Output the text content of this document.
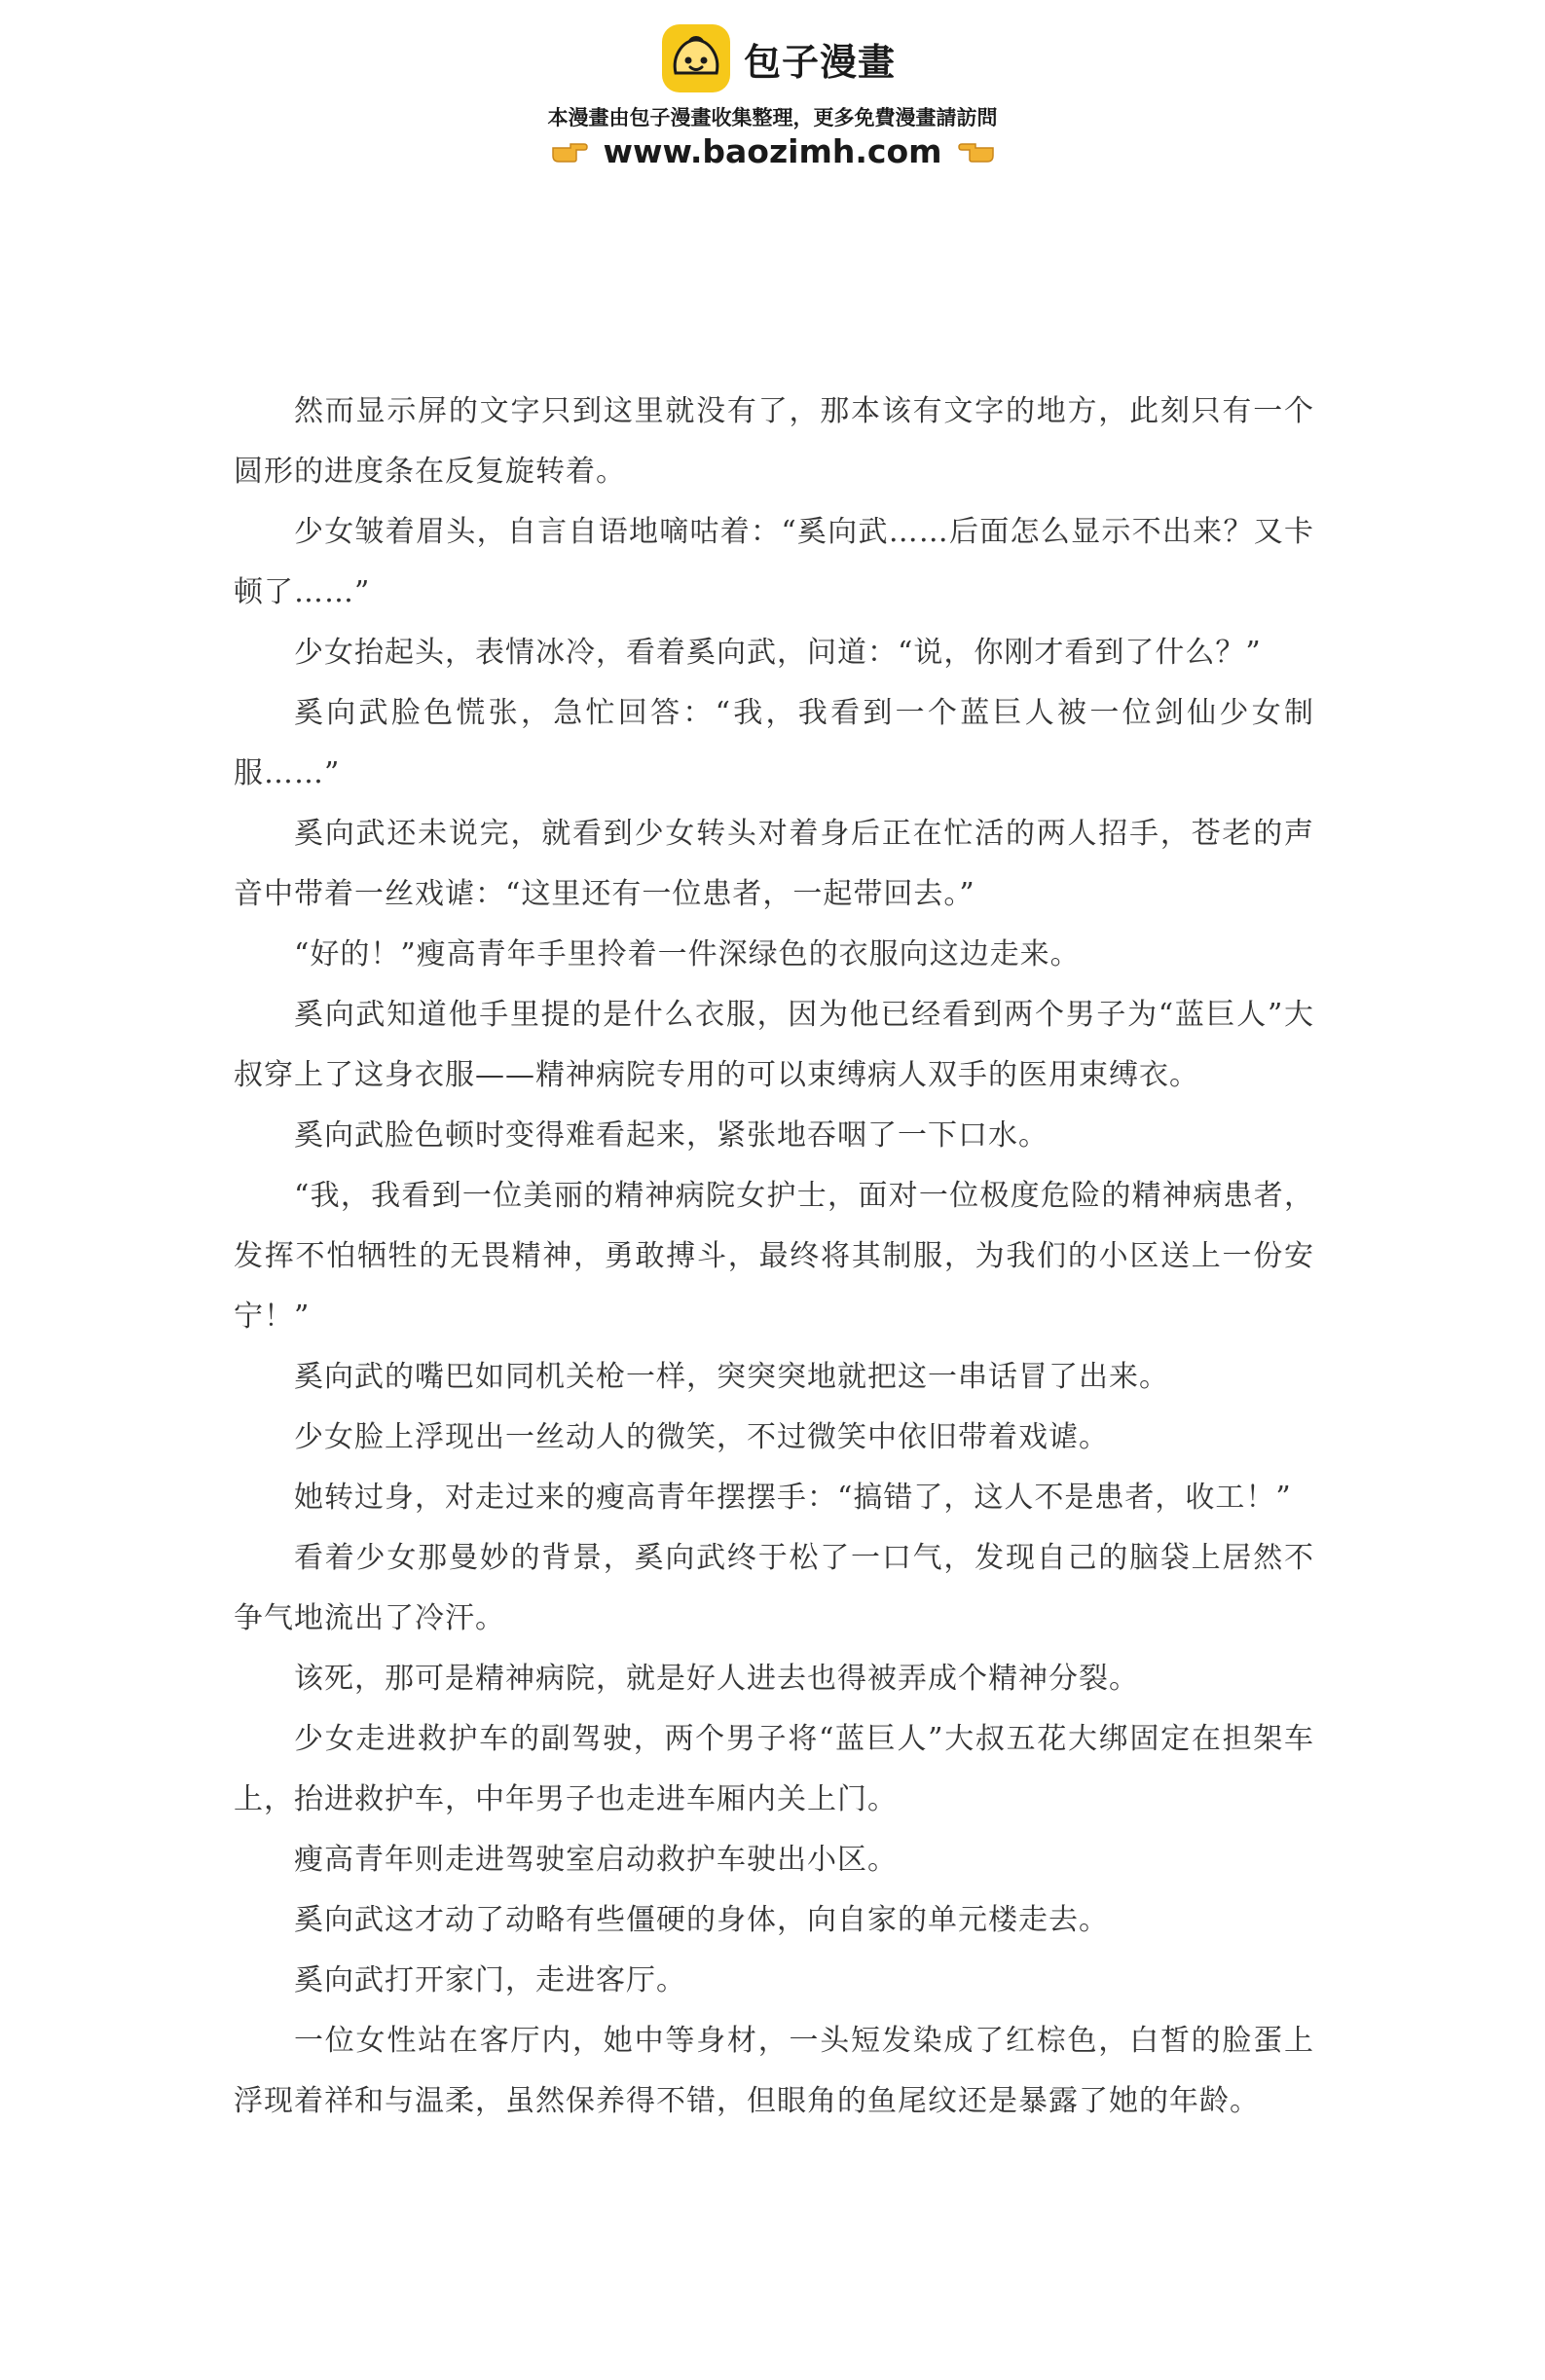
包子漫畫
本漫畫由包子漫畫收集整理，更多免費漫畫請訪問
www.baozimh.com

然而显示屏的文字只到这里就没有了，那本该有文字的地方，此刻只有一个圆形的进度条在反复旋转着。

少女皱着眉头，自言自语地嘀咕着：“奚向武……后面怎么显示不出来？又卡顿了……”

少女抬起头，表情冰冷，看着奚向武，问道：“说，你刚才看到了什么？”

奚向武脸色慌张，急忙回答：“我，我看到一个蓝巨人被一位剑仙少女制服……”

奚向武还未说完，就看到少女转头对着身后正在忙活的两人招手，苍老的声音中带着一丝戏谑：“这里还有一位患者，一起带回去。”

“好的！”瘦高青年手里拎着一件深绿色的衣服向这边走来。

奚向武知道他手里提的是什么衣服，因为他已经看到两个男子为“蓝巨人”大叔穿上了这身衣服——精神病院专用的可以束缚病人双手的医用束缚衣。

奚向武脸色顿时变得难看起来，紧张地吞咽了一下口水。

“我，我看到一位美丽的精神病院女护士，面对一位极度危险的精神病患者，发挥不怕牺牲的无畏精神，勇敢搏斗，最终将其制服，为我们的小区送上一份安宁！”

奚向武的嘴巴如同机关枪一样，突突突地就把这一串话冒了出来。

少女脸上浮现出一丝动人的微笑，不过微笑中依旧带着戏谑。

她转过身，对走过来的瘦高青年摆摆手：“搞错了，这人不是患者，收工！”

看着少女那曼妙的背景，奚向武终于松了一口气，发现自己的脑袋上居然不争气地流出了冷汗。

该死，那可是精神病院，就是好人进去也得被弄成个精神分裂。

少女走进救护车的副驾驶，两个男子将“蓝巨人”大叔五花大绑固定在担架车上，抬进救护车，中年男子也走进车厢内关上门。

瘦高青年则走进驾驶室启动救护车驶出小区。

奚向武这才动了动略有些僵硬的身体，向自家的单元楼走去。

奚向武打开家门，走进客厅。

一位女性站在客厅内，她中等身材，一头短发染成了红棕色，白皙的脸蛋上浮现着祥和与温柔，虽然保养得不错，但眼角的鱼尾纹还是暴露了她的年龄。
